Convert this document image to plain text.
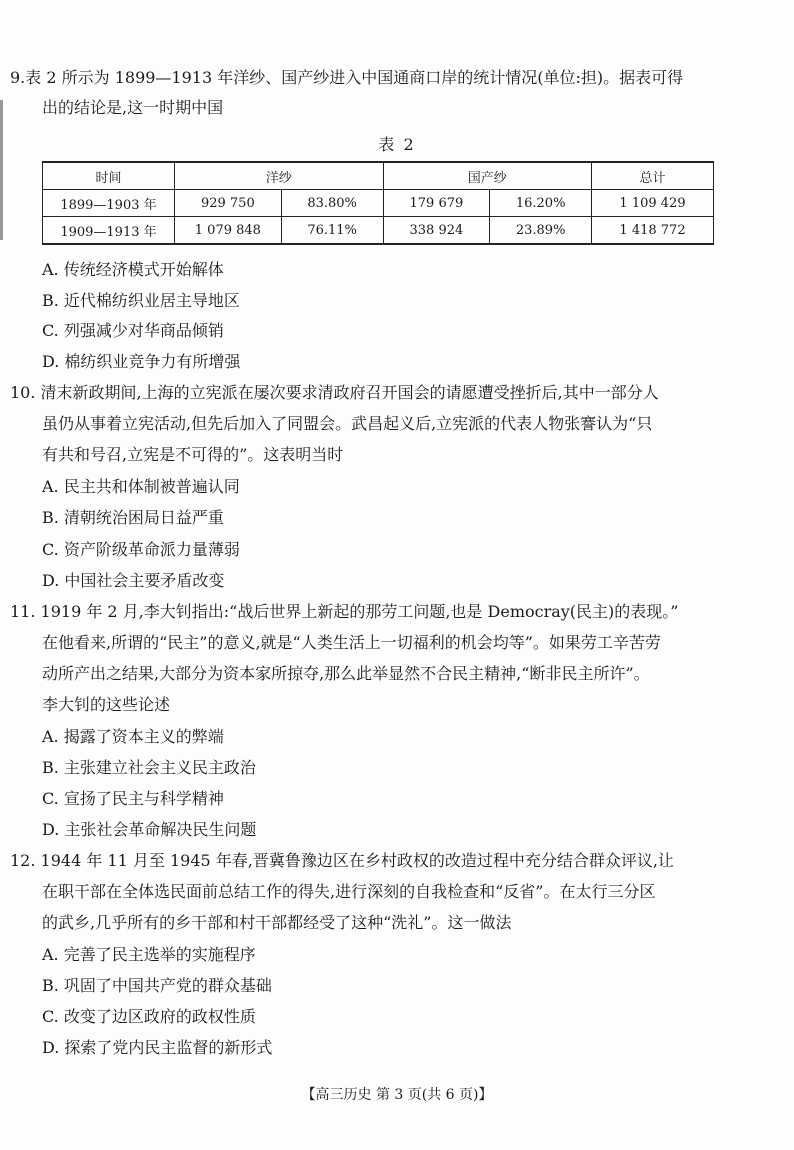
9.表 2 所示为 1899—1913 年洋纱、国产纱进入中国通商口岸的统计情况(单位:担)。据表可得
出的结论是,这一时期中国
表 2
时间	洋纱		国产纱		总计
1899—1903 年	929 750	83.80%	179 679	16.20%	1 109 429
1909—1913 年	1 079 848	76.11%	338 924	23.89%	1 418 772
A. 传统经济模式开始解体
B. 近代棉纺织业居主导地区
C. 列强减少对华商品倾销
D. 棉纺织业竞争力有所增强
10. 清末新政期间,上海的立宪派在屡次要求清政府召开国会的请愿遭受挫折后,其中一部分人
虽仍从事着立宪活动,但先后加入了同盟会。武昌起义后,立宪派的代表人物张謇认为“只
有共和号召,立宪是不可得的”。这表明当时
A. 民主共和体制被普遍认同
B. 清朝统治困局日益严重
C. 资产阶级革命派力量薄弱
D. 中国社会主要矛盾改变
11. 1919 年 2 月,李大钊指出:“战后世界上新起的那劳工问题,也是 Democray(民主)的表现。”
在他看来,所谓的“民主”的意义,就是“人类生活上一切福利的机会均等”。如果劳工辛苦劳
动所产出之结果,大部分为资本家所掠夺,那么此举显然不合民主精神,“断非民主所许”。
李大钊的这些论述
A. 揭露了资本主义的弊端
B. 主张建立社会主义民主政治
C. 宣扬了民主与科学精神
D. 主张社会革命解决民生问题
12. 1944 年 11 月至 1945 年春,晋冀鲁豫边区在乡村政权的改造过程中充分结合群众评议,让
在职干部在全体选民面前总结工作的得失,进行深刻的自我检查和“反省”。在太行三分区
的武乡,几乎所有的乡干部和村干部都经受了这种“洗礼”。这一做法
A. 完善了民主选举的实施程序
B. 巩固了中国共产党的群众基础
C. 改变了边区政府的政权性质
D. 探索了党内民主监督的新形式
【高三历史 第 3 页(共 6 页)】
